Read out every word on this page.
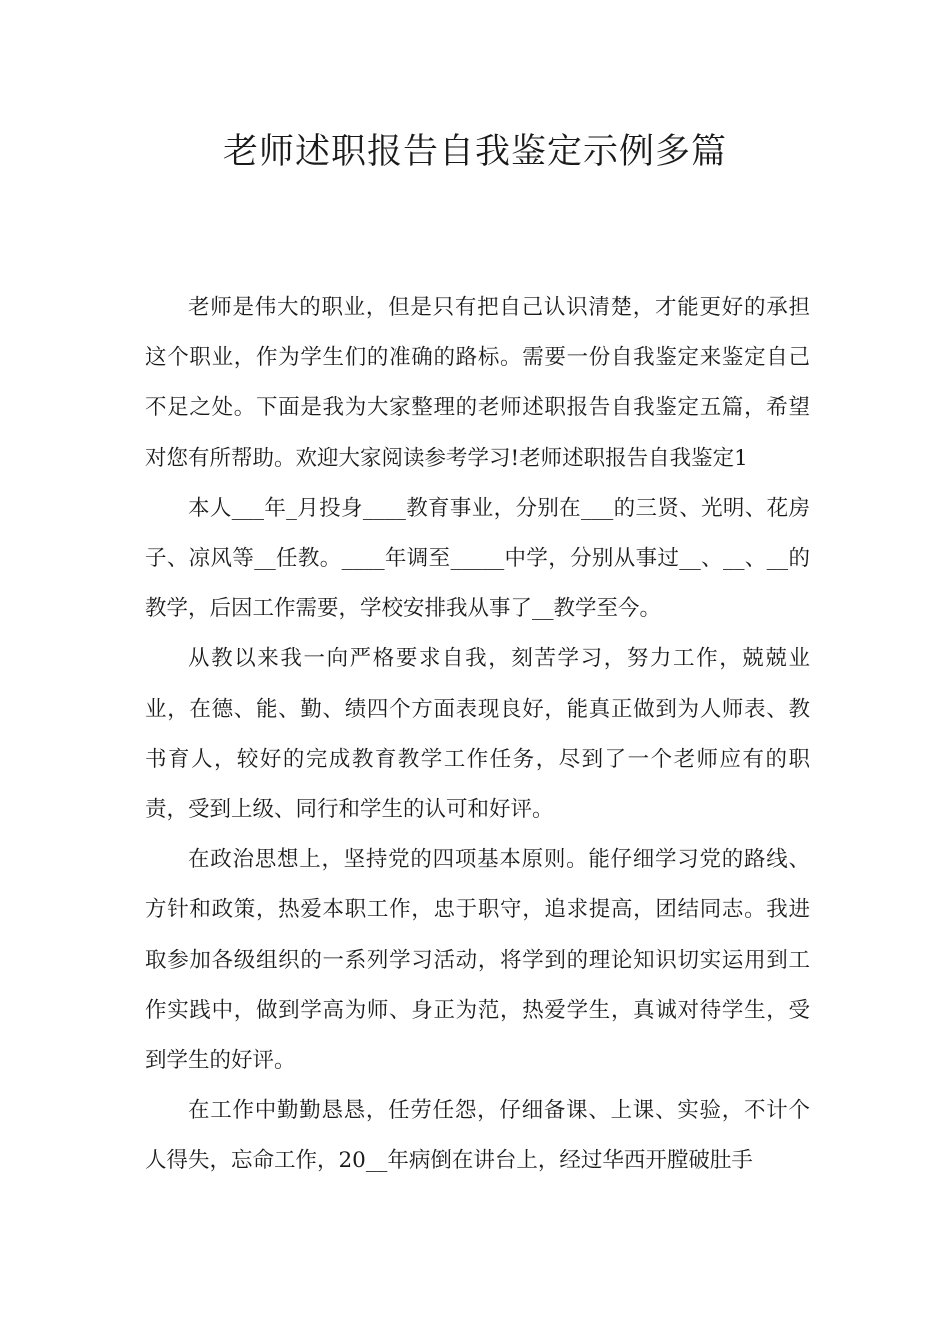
老师述职报告自我鉴定示例多篇

老师是伟大的职业，但是只有把自己认识清楚，才能更好的承担这个职业，作为学生们的准确的路标。需要一份自我鉴定来鉴定自己不足之处。下面是我为大家整理的老师述职报告自我鉴定五篇，希望对您有所帮助。欢迎大家阅读参考学习!老师述职报告自我鉴定1

本人___年_月投身____教育事业，分别在___的三贤、光明、花房子、凉风等__任教。____年调至_____中学，分别从事过__、__、__的教学，后因工作需要，学校安排我从事了__教学至今。

从教以来我一向严格要求自我，刻苦学习，努力工作，兢兢业业，在德、能、勤、绩四个方面表现良好，能真正做到为人师表、教书育人，较好的完成教育教学工作任务，尽到了一个老师应有的职责，受到上级、同行和学生的认可和好评。

在政治思想上，坚持党的四项基本原则。能仔细学习党的路线、方针和政策，热爱本职工作，忠于职守，追求提高，团结同志。我进取参加各级组织的一系列学习活动，将学到的理论知识切实运用到工作实践中，做到学高为师、身正为范，热爱学生，真诚对待学生，受到学生的好评。

在工作中勤勤恳恳，任劳任怨，仔细备课、上课、实验，不计个人得失，忘命工作，20__年病倒在讲台上，经过华西开膛破肚手
